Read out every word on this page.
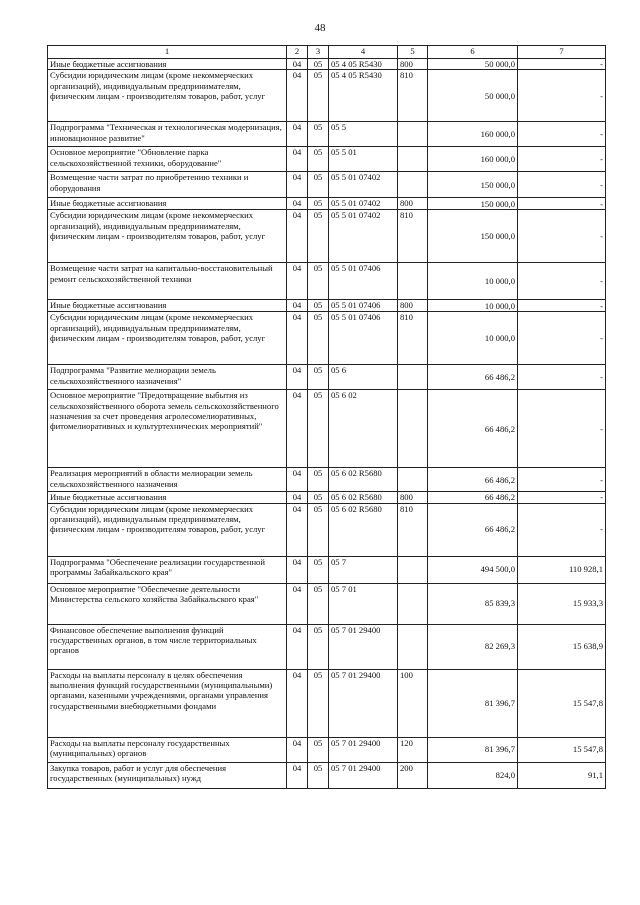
48
1	2	3	4	5	6	7
Иные бюджетные ассигнования	04	05	05 4 05 R5430	800	50 000,0	-
Субсидии юридическим лицам (кроме некоммерческих организаций), индивидуальным предпринимателям, физическим лицам - производителям товаров, работ, услуг	04	05	05 4 05 R5430	810	50 000,0	-
Подпрограмма "Техническая и технологическая модернизация, инновационное развитие"	04	05	05 5		160 000,0	-
Основное мероприятие "Обновление парка сельскохозяйственной техники, оборудование"	04	05	05 5 01		160 000,0	-
Возмещение части затрат по приобретению техники и оборудования	04	05	05 5 01 07402		150 000,0	-
Иные бюджетные ассигнования	04	05	05 5 01 07402	800	150 000,0	-
Субсидии юридическим лицам (кроме некоммерческих организаций), индивидуальным предпринимателям, физическим лицам - производителям товаров, работ, услуг	04	05	05 5 01 07402	810	150 000,0	-
Возмещение части затрат на капитально-восстановительный ремонт сельскохозяйственной техники	04	05	05 5 01 07406		10 000,0	-
Иные бюджетные ассигнования	04	05	05 5 01 07406	800	10 000,0	-
Субсидии юридическим лицам (кроме некоммерческих организаций), индивидуальным предпринимателям, физическим лицам - производителям товаров, работ, услуг	04	05	05 5 01 07406	810	10 000,0	-
Подпрограмма "Развитие мелиорации земель сельскохозяйственного назначения"	04	05	05 6		66 486,2	-
Основное мероприятие "Предотвращение выбытия из сельскохозяйственного оборота земель сельскохозяйственного назначения за счет проведения агролесомелиоративных, фитомелиоративных и культуртехнических мероприятий"	04	05	05 6 02		66 486,2	-
Реализация мероприятий в области мелиорации земель сельскохозяйственного назначения	04	05	05 6 02 R5680		66 486,2	-
Иные бюджетные ассигнования	04	05	05 6 02 R5680	800	66 486,2	-
Субсидии юридическим лицам (кроме некоммерческих организаций), индивидуальным предпринимателям, физическим лицам - производителям товаров, работ, услуг	04	05	05 6 02 R5680	810	66 486,2	-
Подпрограмма "Обеспечение реализации государственной программы Забайкальского края"	04	05	05 7		494 500,0	110 928,1
Основное мероприятие "Обеспечение деятельности Министерства сельского хозяйства Забайкальского края"	04	05	05 7 01		85 839,3	15 933,3
Финансовое обеспечение выполнения функций государственных органов, в том числе территориальных органов	04	05	05 7 01 29400		82 269,3	15 638,9
Расходы на выплаты персоналу в целях обеспечения выполнения функций государственными (муниципальными) органами, казенными учреждениями, органами управления государственными внебюджетными фондами	04	05	05 7 01 29400	100	81 396,7	15 547,8
Расходы на выплаты персоналу государственных (муниципальных) органов	04	05	05 7 01 29400	120	81 396,7	15 547,8
Закупка товаров, работ и услуг для обеспечения государственных (муниципальных) нужд	04	05	05 7 01 29400	200	824,0	91,1
